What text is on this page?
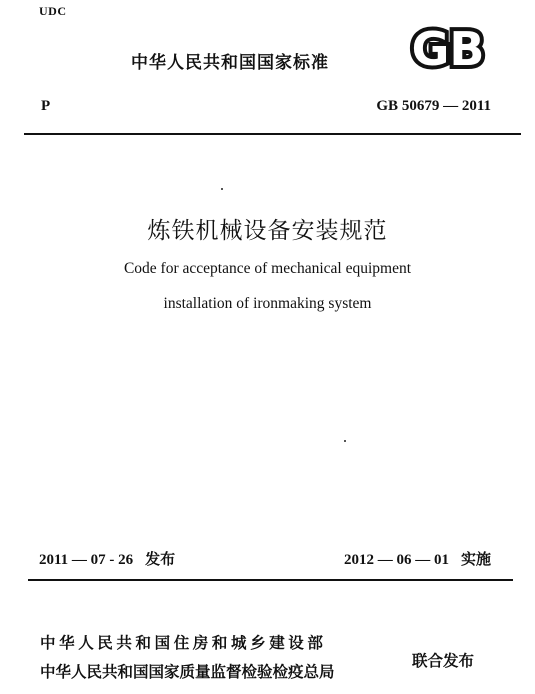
UDC
中华人民共和国国家标准 GB
P	GB 50679 — 2011
炼铁机械设备安装规范
Code for acceptance of mechanical equipment
installation of ironmaking system
2011 — 07 - 26 发布	2012 — 06 — 01 实施
中华人民共和国住房和城乡建设部
中华人民共和国国家质量监督检验检疫总局
联合发布
